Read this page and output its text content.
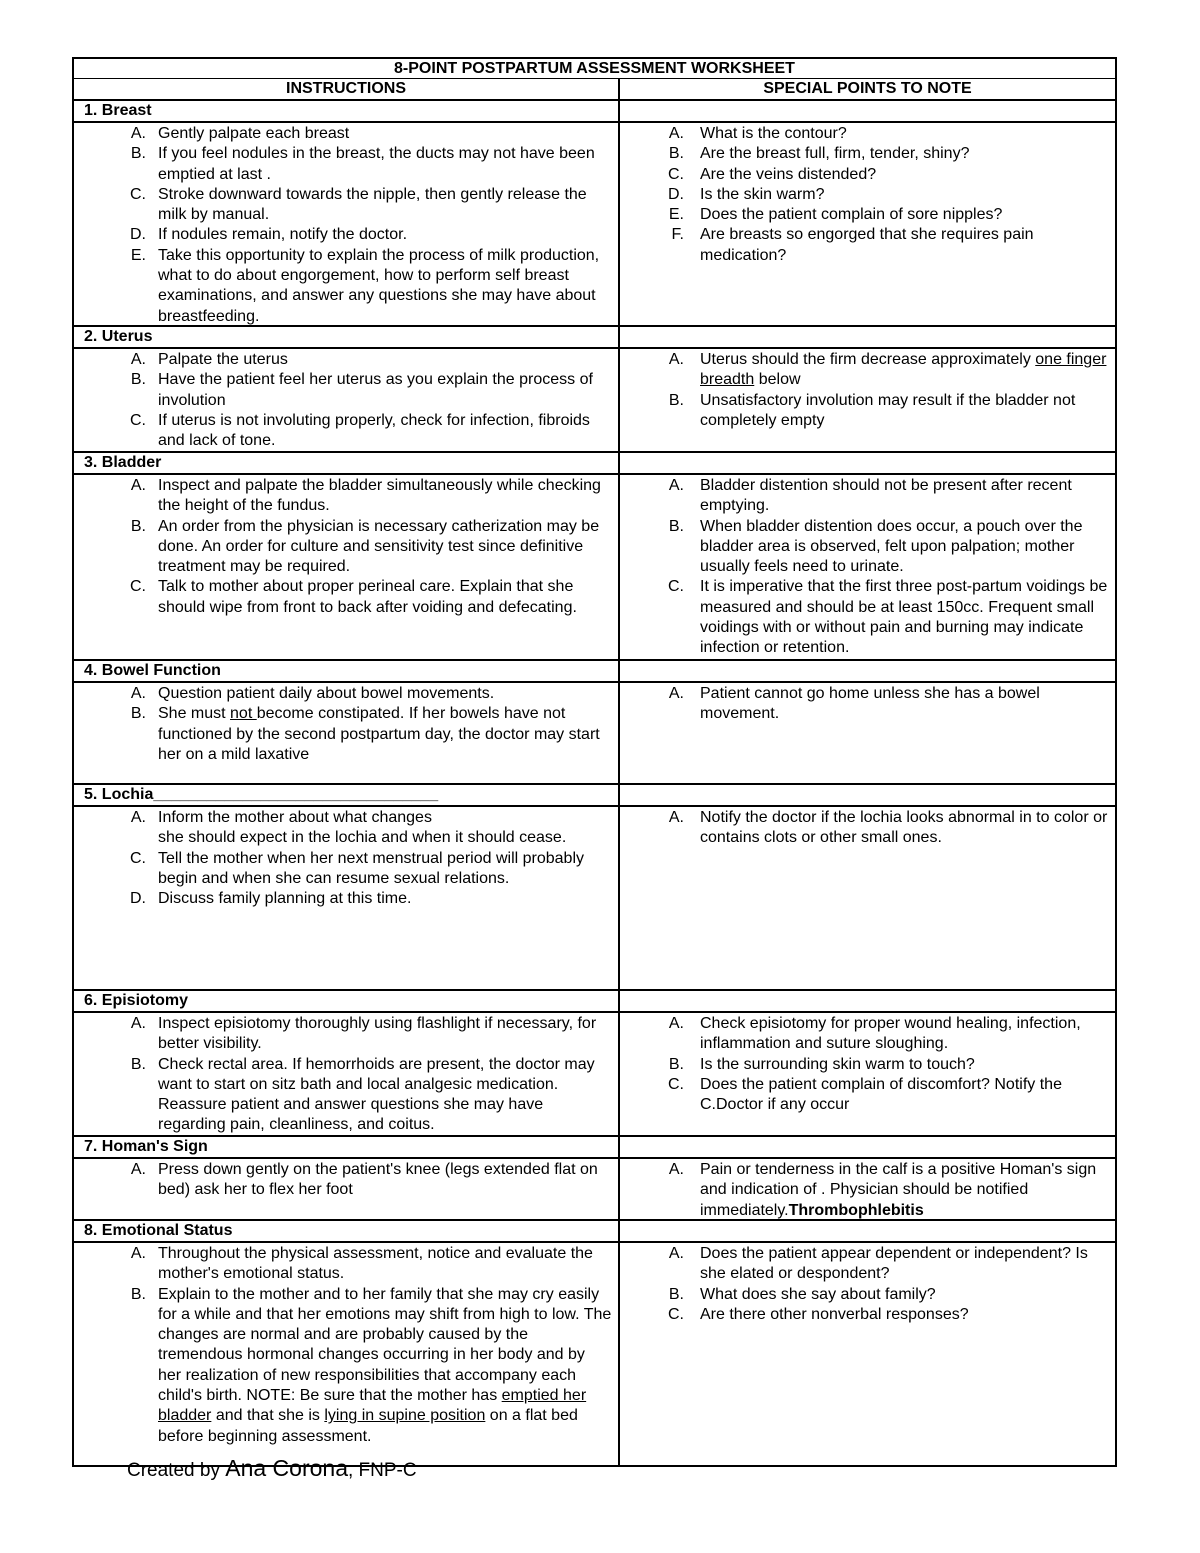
8-POINT POSTPARTUM ASSESSMENT WORKSHEET
INSTRUCTIONS	SPECIAL POINTS TO NOTE
1. Breast
A. Gently palpate each breast
B. If you feel nodules in the breast, the ducts may not have been emptied at last .
C. Stroke downward towards the nipple, then gently release the milk by manual.
D. If nodules remain, notify the doctor.
E. Take this opportunity to explain the process of milk production, what to do about engorgement, how to perform self breast examinations, and answer any questions she may have about breastfeeding.
A. What is the contour?
B. Are the breast full, firm, tender, shiny?
C. Are the veins distended?
D. Is the skin warm?
E. Does the patient complain of sore nipples?
F. Are breasts so engorged that she requires pain medication?
2. Uterus
A. Palpate the uterus
B. Have the patient feel her uterus as you explain the process of involution
C. If uterus is not involuting properly, check for infection, fibroids and lack of tone.
A. Uterus should the firm decrease approximately one finger breadth below
B. Unsatisfactory involution may result if the bladder not completely empty
3. Bladder
A. Inspect and palpate the bladder simultaneously while checking the height of the fundus.
B. An order from the physician is necessary catherization may be done. An order for culture and sensitivity test since definitive treatment may be required.
C. Talk to mother about proper perineal care. Explain that she should wipe from front to back after voiding and defecating.
A. Bladder distention should not be present after recent emptying.
B. When bladder distention does occur, a pouch over the bladder area is observed, felt upon palpation; mother usually feels need to urinate.
C. It is imperative that the first three post-partum voidings be measured and should be at least 150cc. Frequent small voidings with or without pain and burning may indicate infection or retention.
4. Bowel Function
A. Question patient daily about bowel movements.
B. She must not become constipated. If her bowels have not functioned by the second postpartum day, the doctor may start her on a mild laxative
A. Patient cannot go home unless she has a bowel movement.
5. Lochia________________________________
A. Inform the mother about what changes
she should expect in the lochia and when it should cease.
C. Tell the mother when her next menstrual period will probably begin and when she can resume sexual relations.
D. Discuss family planning at this time.
A. Notify the doctor if the lochia looks abnormal in to color or contains clots or other small ones.
6. Episiotomy
A. Inspect episiotomy thoroughly using flashlight if necessary, for better visibility.
B. Check rectal area. If hemorrhoids are present, the doctor may want to start on sitz bath and local analgesic medication. Reassure patient and answer questions she may have regarding pain, cleanliness, and coitus.
A. Check episiotomy for proper wound healing, infection, inflammation and suture sloughing.
B. Is the surrounding skin warm to touch?
C. Does the patient complain of discomfort? Notify the C.Doctor if any occur
7. Homan's Sign
A. Press down gently on the patient's knee (legs extended flat on bed) ask her to flex her foot
A. Pain or tenderness in the calf is a positive Homan's sign and indication of . Physician should be notified immediately.Thrombophlebitis
8. Emotional Status
A. Throughout the physical assessment, notice and evaluate the mother's emotional status.
B. Explain to the mother and to her family that she may cry easily for a while and that her emotions may shift from high to low. The changes are normal and are probably caused by the tremendous hormonal changes occurring in her body and by her realization of new responsibilities that accompany each child's birth. NOTE: Be sure that the mother has emptied her bladder and that she is lying in supine position on a flat bed before beginning assessment.
A. Does the patient appear dependent or independent? Is she elated or despondent?
B. What does she say about family?
C. Are there other nonverbal responses?
Created by Ana Corona, FNP-C
